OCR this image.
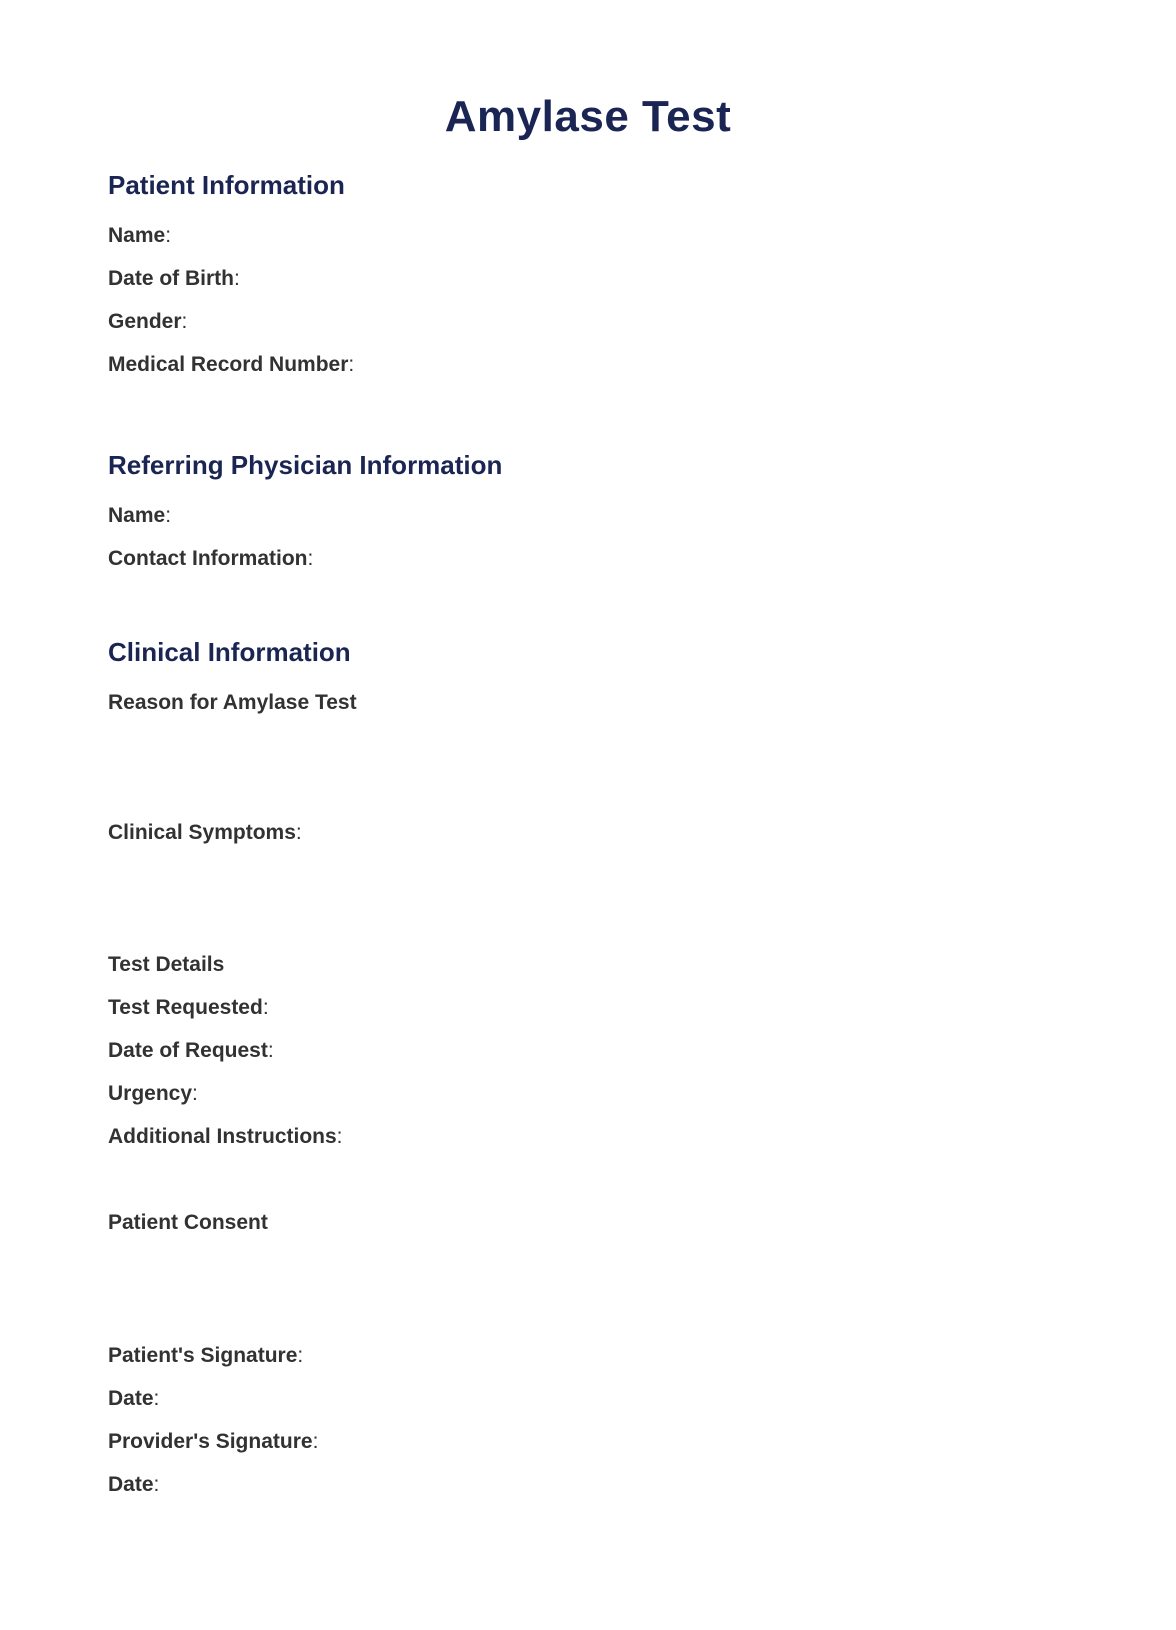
Amylase Test
Patient Information

Name:

Date of Birth:

Gender:

Medical Record Number:

Referring Physician Information

Name:

Contact Information:

Clinical Information

Reason for Amylase Test

Clinical Symptoms:

Test Details

Test Requested:

Date of Request:

Urgency:

Additional Instructions:

Patient Consent

Patient's Signature:

Date:

Provider's Signature:

Date:
